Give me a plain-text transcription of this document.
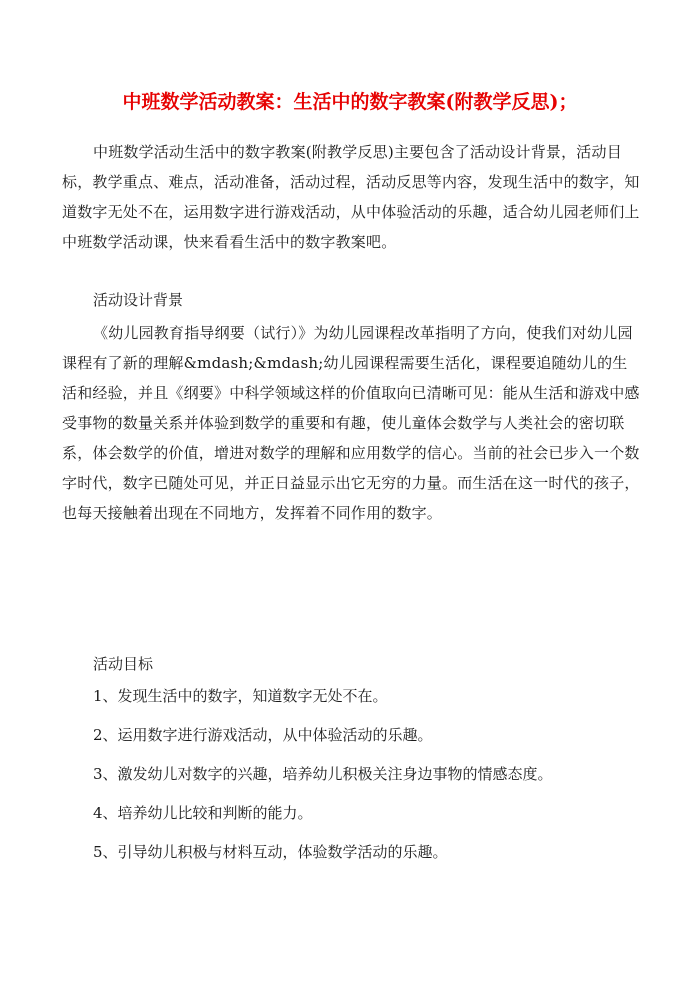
中班数学活动教案：生活中的数字教案(附教学反思)；
中班数学活动生活中的数字教案(附教学反思)主要包含了活动设计背景，活动目标，教学重点、难点，活动准备，活动过程，活动反思等内容，发现生活中的数字，知道数字无处不在，运用数字进行游戏活动，从中体验活动的乐趣，适合幼儿园老师们上中班数学活动课，快来看看生活中的数字教案吧。
活动设计背景
《幼儿园教育指导纲要（试行）》为幼儿园课程改革指明了方向，使我们对幼儿园课程有了新的理解&mdash;&mdash;幼儿园课程需要生活化，课程要追随幼儿的生活和经验，并且《纲要》中科学领域这样的价值取向已清晰可见：能从生活和游戏中感受事物的数量关系并体验到数学的重要和有趣，使儿童体会数学与人类社会的密切联系，体会数学的价值，增进对数学的理解和应用数学的信心。当前的社会已步入一个数字时代，数字已随处可见，并正日益显示出它无穷的力量。而生活在这一时代的孩子，也每天接触着出现在不同地方，发挥着不同作用的数字。
活动目标
1、发现生活中的数字，知道数字无处不在。
2、运用数字进行游戏活动，从中体验活动的乐趣。
3、激发幼儿对数字的兴趣，培养幼儿积极关注身边事物的情感态度。
4、培养幼儿比较和判断的能力。
5、引导幼儿积极与材料互动，体验数学活动的乐趣。
